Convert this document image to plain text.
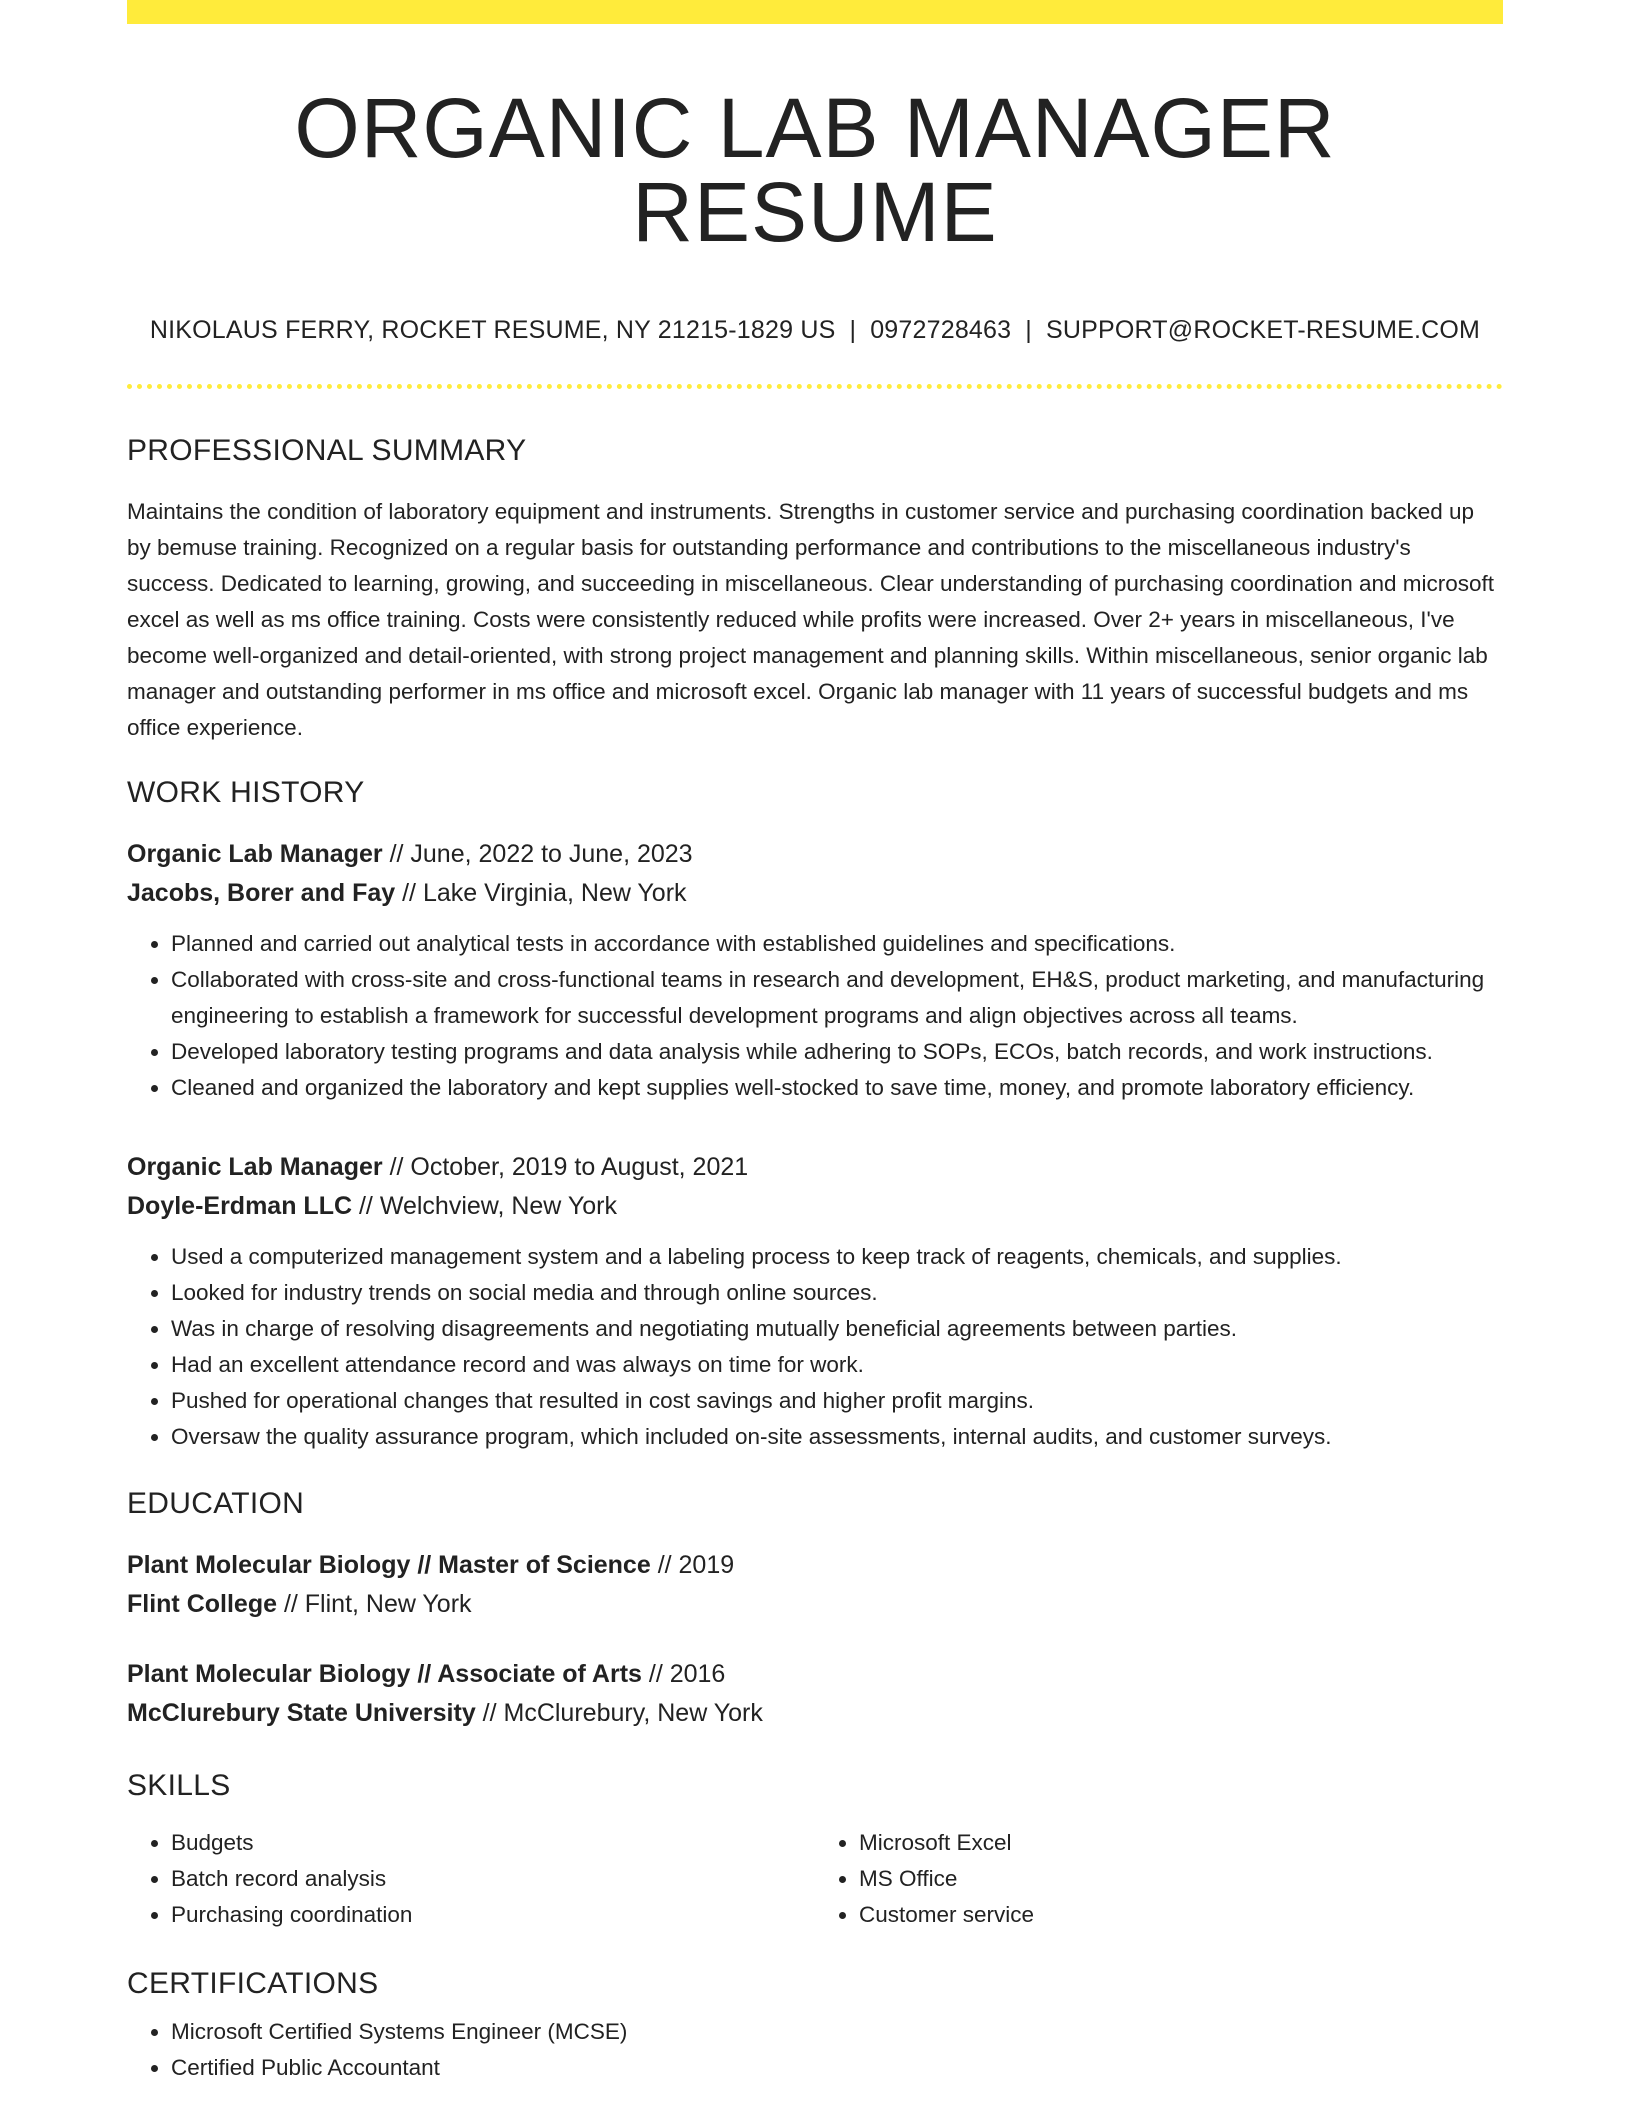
ORGANIC LAB MANAGER RESUME
NIKOLAUS FERRY, ROCKET RESUME, NY 21215-1829 US | 0972728463 | SUPPORT@ROCKET-RESUME.COM
PROFESSIONAL SUMMARY
Maintains the condition of laboratory equipment and instruments. Strengths in customer service and purchasing coordination backed up by bemuse training. Recognized on a regular basis for outstanding performance and contributions to the miscellaneous industry's success. Dedicated to learning, growing, and succeeding in miscellaneous. Clear understanding of purchasing coordination and microsoft excel as well as ms office training. Costs were consistently reduced while profits were increased. Over 2+ years in miscellaneous, I've become well-organized and detail-oriented, with strong project management and planning skills. Within miscellaneous, senior organic lab manager and outstanding performer in ms office and microsoft excel. Organic lab manager with 11 years of successful budgets and ms office experience.
WORK HISTORY
Organic Lab Manager // June, 2022 to June, 2023
Jacobs, Borer and Fay // Lake Virginia, New York
• Planned and carried out analytical tests in accordance with established guidelines and specifications.
• Collaborated with cross-site and cross-functional teams in research and development, EH&S, product marketing, and manufacturing engineering to establish a framework for successful development programs and align objectives across all teams.
• Developed laboratory testing programs and data analysis while adhering to SOPs, ECOs, batch records, and work instructions.
• Cleaned and organized the laboratory and kept supplies well-stocked to save time, money, and promote laboratory efficiency.
Organic Lab Manager // October, 2019 to August, 2021
Doyle-Erdman LLC // Welchview, New York
• Used a computerized management system and a labeling process to keep track of reagents, chemicals, and supplies.
• Looked for industry trends on social media and through online sources.
• Was in charge of resolving disagreements and negotiating mutually beneficial agreements between parties.
• Had an excellent attendance record and was always on time for work.
• Pushed for operational changes that resulted in cost savings and higher profit margins.
• Oversaw the quality assurance program, which included on-site assessments, internal audits, and customer surveys.
EDUCATION
Plant Molecular Biology // Master of Science // 2019
Flint College // Flint, New York
Plant Molecular Biology // Associate of Arts // 2016
McClurebury State University // McClurebury, New York
SKILLS
• Budgets
• Batch record analysis
• Purchasing coordination
• Microsoft Excel
• MS Office
• Customer service
CERTIFICATIONS
• Microsoft Certified Systems Engineer (MCSE)
• Certified Public Accountant
